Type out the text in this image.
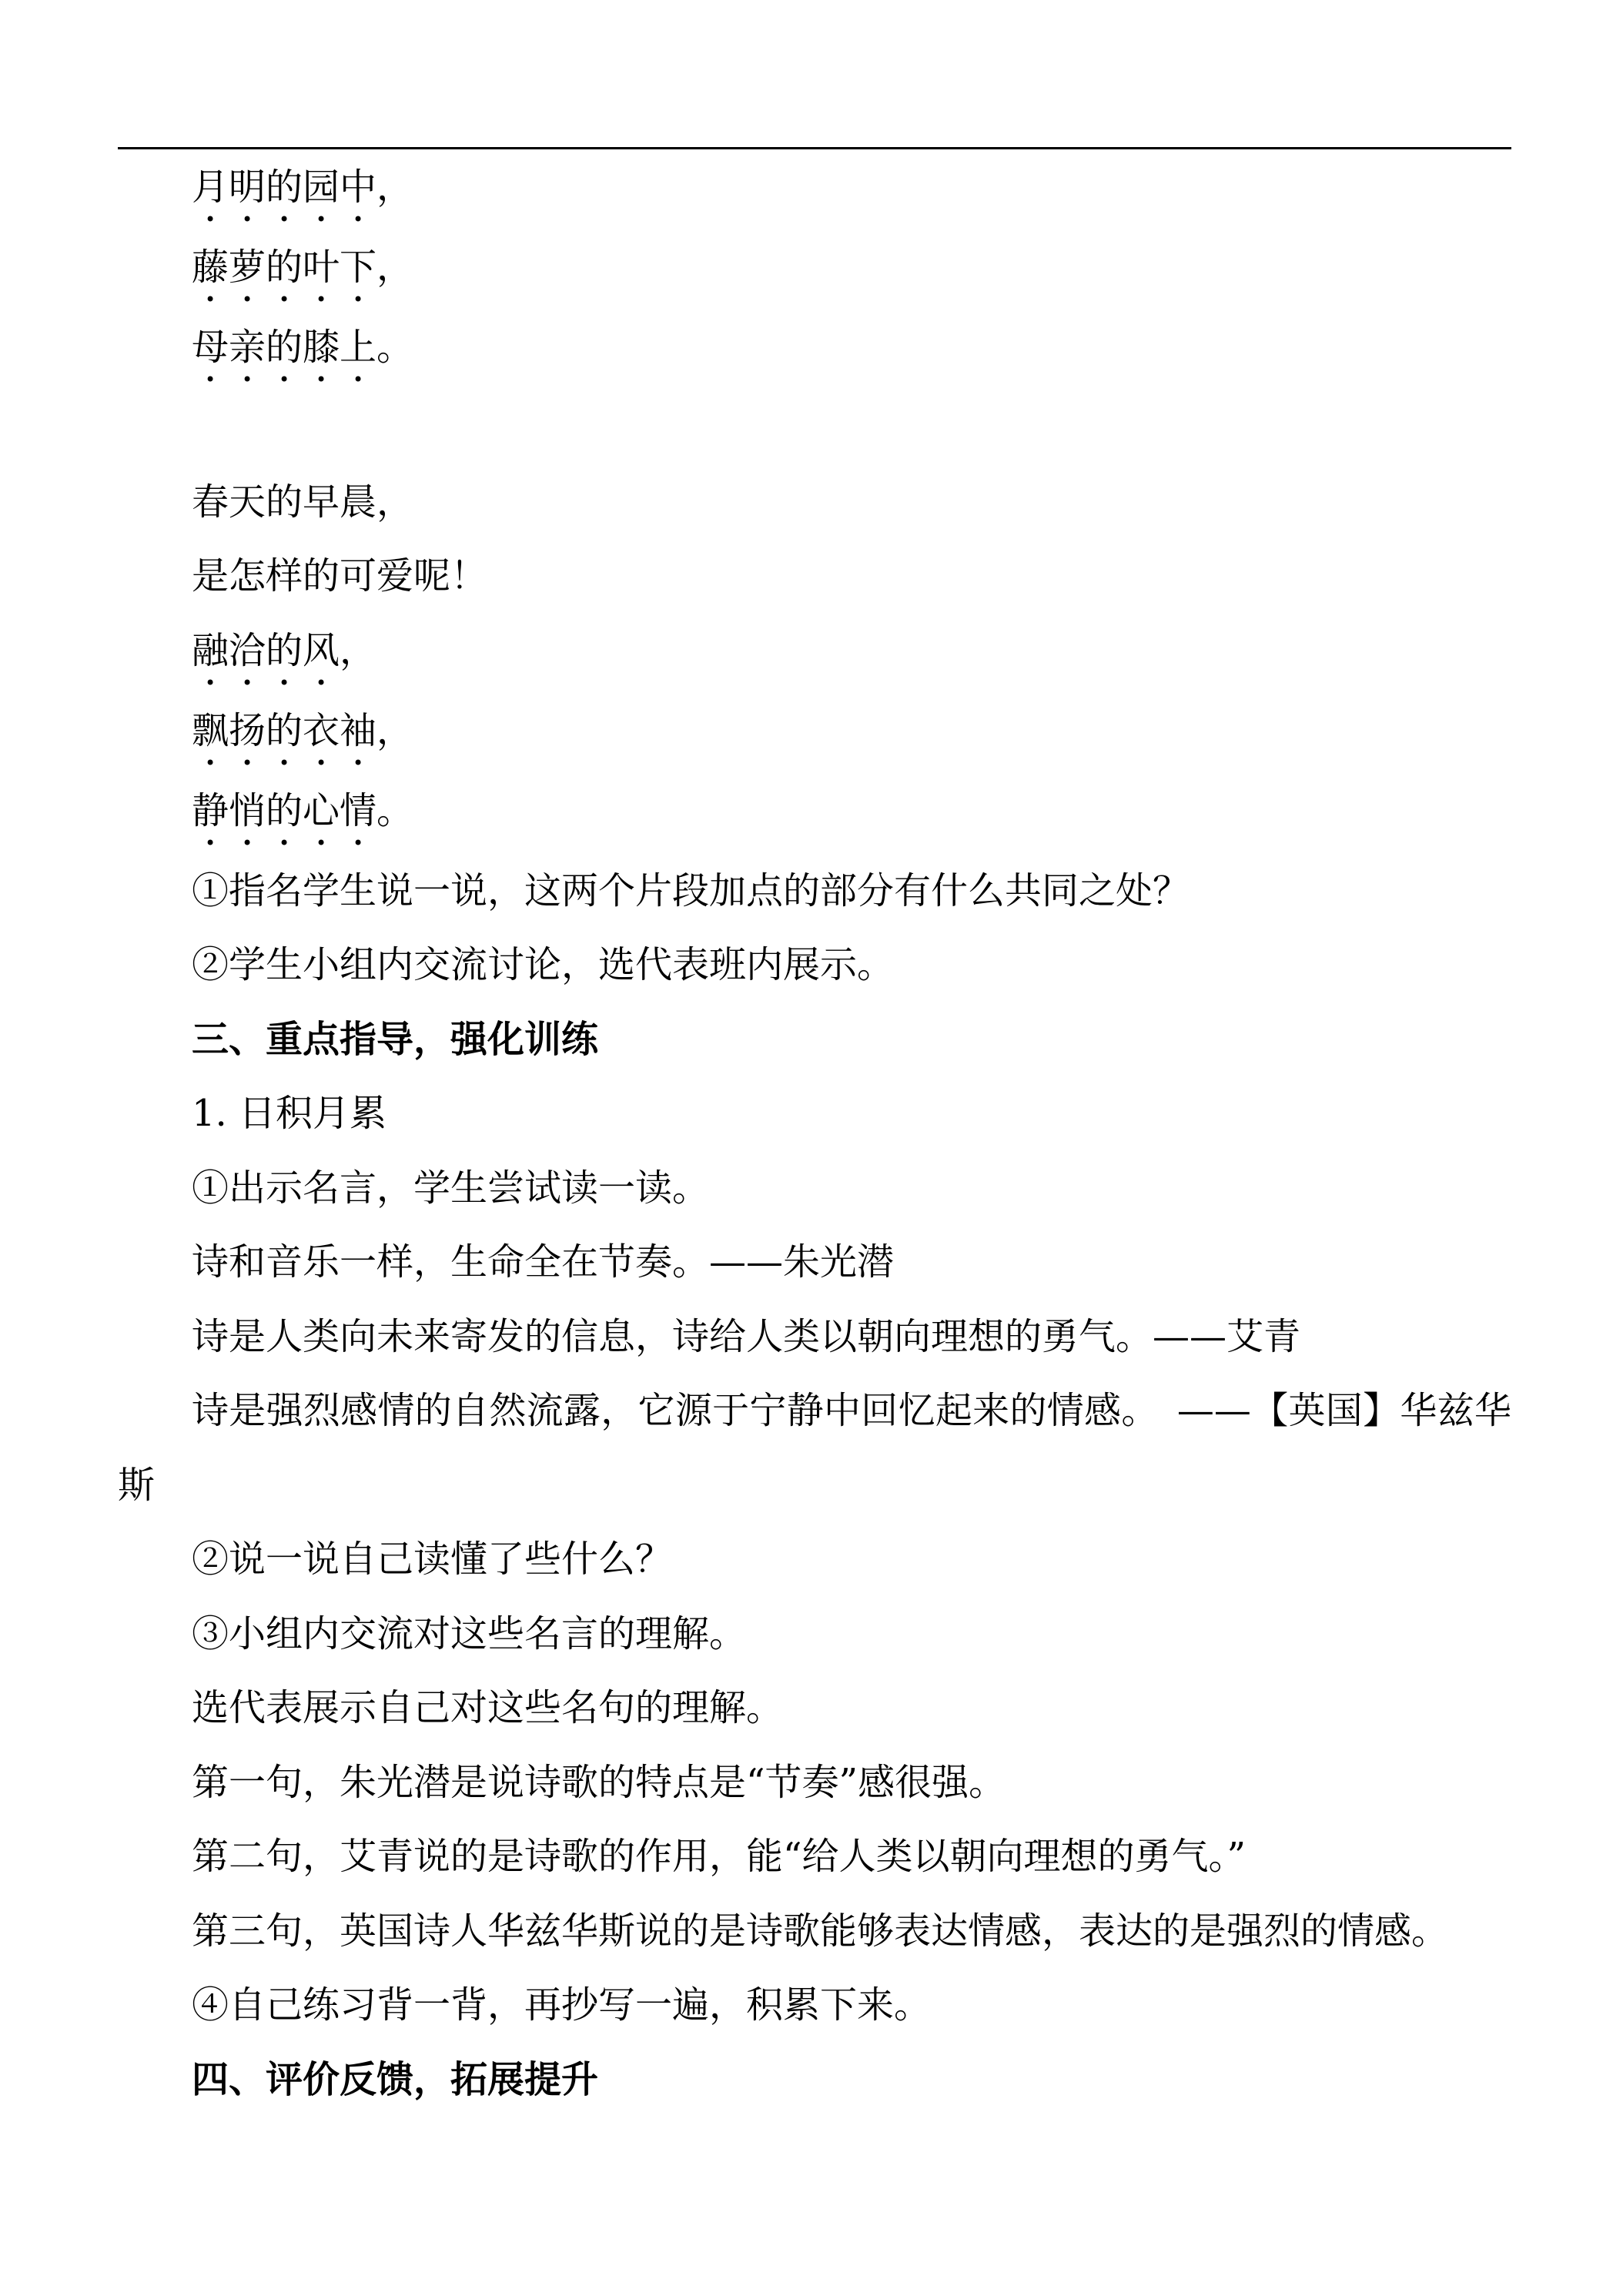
月明的园中，

藤萝的叶下，

母亲的膝上。

春天的早晨，

是怎样的可爱呢！

融洽的风，

飘扬的衣袖，

静悄的心情。

①指名学生说一说，这两个片段加点的部分有什么共同之处？

②学生小组内交流讨论，选代表班内展示。

三、重点指导，强化训练

1. 日积月累

①出示名言，学生尝试读一读。

诗和音乐一样，生命全在节奏。——朱光潜

诗是人类向未来寄发的信息，诗给人类以朝向理想的勇气。——艾青

诗是强烈感情的自然流露，它源于宁静中回忆起来的情感。　——【英国】华兹华斯

②说一说自己读懂了些什么？

③小组内交流对这些名言的理解。

选代表展示自己对这些名句的理解。

第一句，朱光潜是说诗歌的特点是“节奏”感很强。

第二句，艾青说的是诗歌的作用，能“给人类以朝向理想的勇气。”

第三句，英国诗人华兹华斯说的是诗歌能够表达情感，表达的是强烈的情感。

④自己练习背一背，再抄写一遍，积累下来。

四、评价反馈，拓展提升
